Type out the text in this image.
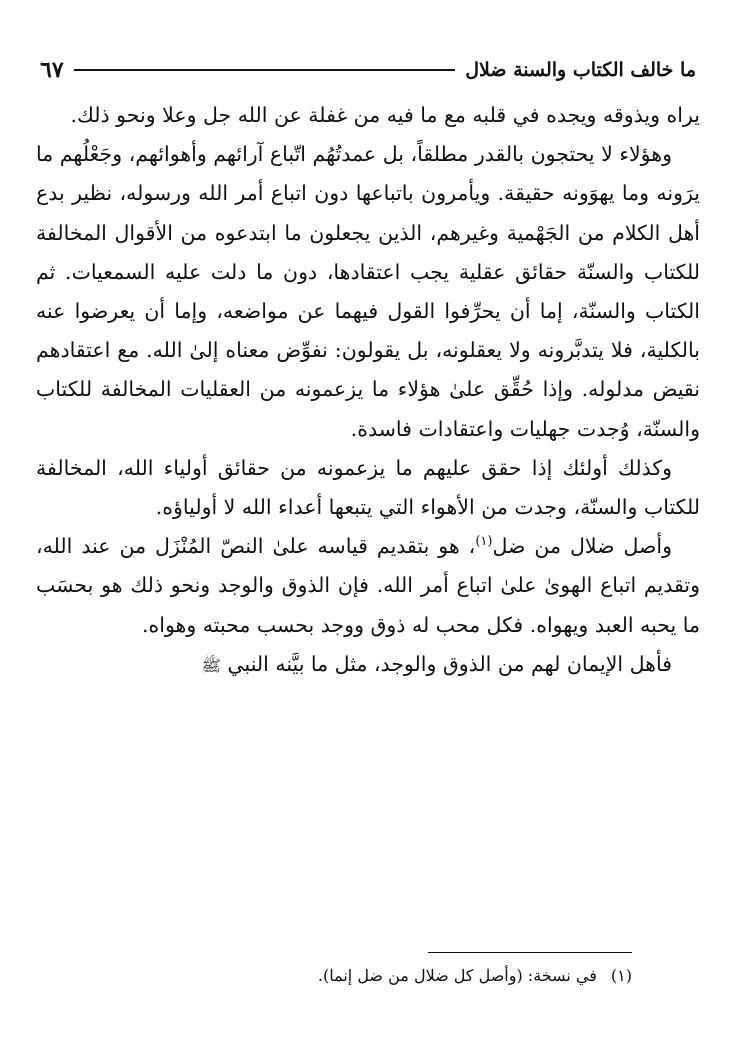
ما خالف الكتاب والسنة ضلال
٦٧

يراه ويذوقه ويجده في قلبه مع ما فيه من غفلة عن الله جل وعلا ونحو ذلك.

وهؤلاء لا يحتجون بالقدر مطلقاً، بل عمدتُهُم اتّباع آرائهم وأهوائهم، وجَعْلُهم ما يرَونه وما يهوَونه حقيقة. ويأمرون باتباعها دون اتباع أمر الله ورسوله، نظير بدع أهل الكلام من الجَهْمية وغيرهم، الذين يجعلون ما ابتدعوه من الأقوال المخالفة للكتاب والسنّة حقائق عقلية يجب اعتقادها، دون ما دلت عليه السمعيات. ثم الكتاب والسنّة، إما أن يحرِّفوا القول فيهما عن مواضعه، وإما أن يعرضوا عنه بالكلية، فلا يتدبَّرونه ولا يعقلونه، بل يقولون: نفوِّض معناه إلىٰ الله. مع اعتقادهم نقيض مدلوله. وإذا حُقِّق علىٰ هؤلاء ما يزعمونه من العقليات المخالفة للكتاب والسنّة، وُجدت جهليات واعتقادات فاسدة.

وكذلك أولئك إذا حقق عليهم ما يزعمونه من حقائق أولياء الله، المخالفة للكتاب والسنّة، وجدت من الأهواء التي يتبعها أعداء الله لا أولياؤه.

وأصل ضلال من ضل$^{(١)}$، هو بتقديم قياسه علىٰ النصّ المُنْزَل من عند الله، وتقديم اتباع الهوىٰ علىٰ اتباع أمر الله. فإن الذوق والوجد ونحو ذلك هو بحسَب ما يحبه العبد ويهواه. فكل محب له ذوق ووجد بحسب محبته وهواه.

فأهل الإيمان لهم من الذوق والوجد، مثل ما بيَّنه النبي ﷺ

(١)في نسخة: (وأصل كل ضلال من ضل إنما).
